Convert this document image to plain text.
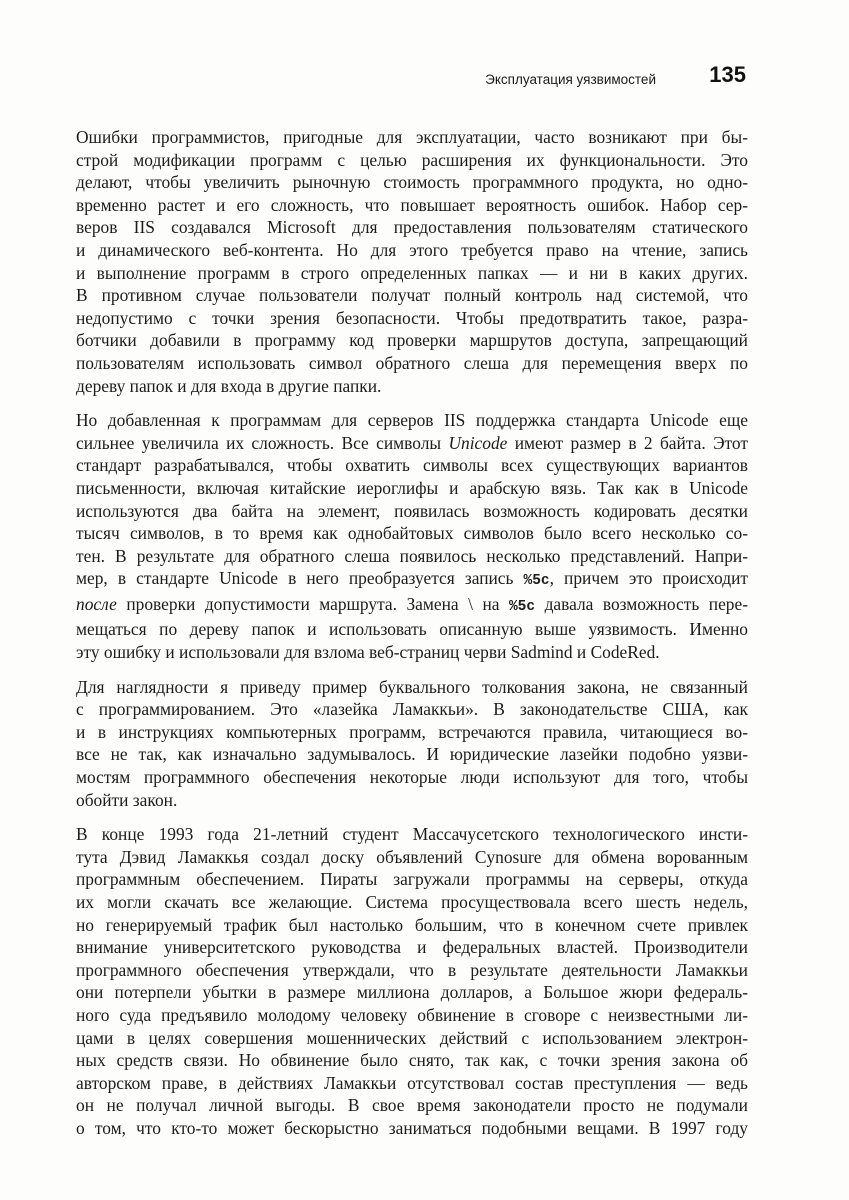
Эксплуатация уязвимостей 135

Ошибки программистов, пригодные для эксплуатации, часто возникают при бы-
строй модификации программ с целью расширения их функциональности. Это
делают, чтобы увеличить рыночную стоимость программного продукта, но одно-
временно растет и его сложность, что повышает вероятность ошибок. Набор сер-
веров IIS создавался Microsoft для предоставления пользователям статического
и динамического веб-контента. Но для этого требуется право на чтение, запись
и выполнение программ в строго определенных папках — и ни в каких других.
В противном случае пользователи получат полный контроль над системой, что
недопустимо с точки зрения безопасности. Чтобы предотвратить такое, разра-
ботчики добавили в программу код проверки маршрутов доступа, запрещающий
пользователям использовать символ обратного слеша для перемещения вверх по
дереву папок и для входа в другие папки.

Но добавленная к программам для серверов IIS поддержка стандарта Unicode еще
сильнее увеличила их сложность. Все символы Unicode имеют размер в 2 байта. Этот
стандарт разрабатывался, чтобы охватить символы всех существующих вариантов
письменности, включая китайские иероглифы и арабскую вязь. Так как в Unicode
используются два байта на элемент, появилась возможность кодировать десятки
тысяч символов, в то время как однобайтовых символов было всего несколько со-
тен. В результате для обратного слеша появилось несколько представлений. Напри-
мер, в стандарте Unicode в него преобразуется запись %5c, причем это происходит
после проверки допустимости маршрута. Замена \ на %5c давала возможность пере-
мещаться по дереву папок и использовать описанную выше уязвимость. Именно
эту ошибку и использовали для взлома веб-страниц черви Sadmind и CodeRed.

Для наглядности я приведу пример буквального толкования закона, не связанный
с программированием. Это «лазейка Ламаккьи». В законодательстве США, как
и в инструкциях компьютерных программ, встречаются правила, читающиеся во-
все не так, как изначально задумывалось. И юридические лазейки подобно уязви-
мостям программного обеспечения некоторые люди используют для того, чтобы
обойти закон.

В конце 1993 года 21-летний студент Массачусетского технологического инсти-
тута Дэвид Ламаккья создал доску объявлений Cynosure для обмена ворованным
программным обеспечением. Пираты загружали программы на серверы, откуда
их могли скачать все желающие. Система просуществовала всего шесть недель,
но генерируемый трафик был настолько большим, что в конечном счете привлек
внимание университетского руководства и федеральных властей. Производители
программного обеспечения утверждали, что в результате деятельности Ламаккьи
они потерпели убытки в размере миллиона долларов, а Большое жюри федераль-
ного суда предъявило молодому человеку обвинение в сговоре с неизвестными ли-
цами в целях совершения мошеннических действий с использованием электрон-
ных средств связи. Но обвинение было снято, так как, с точки зрения закона об
авторском праве, в действиях Ламаккьи отсутствовал состав преступления — ведь
он не получал личной выгоды. В свое время законодатели просто не подумали
о том, что кто-то может бескорыстно заниматься подобными вещами. В 1997 году
